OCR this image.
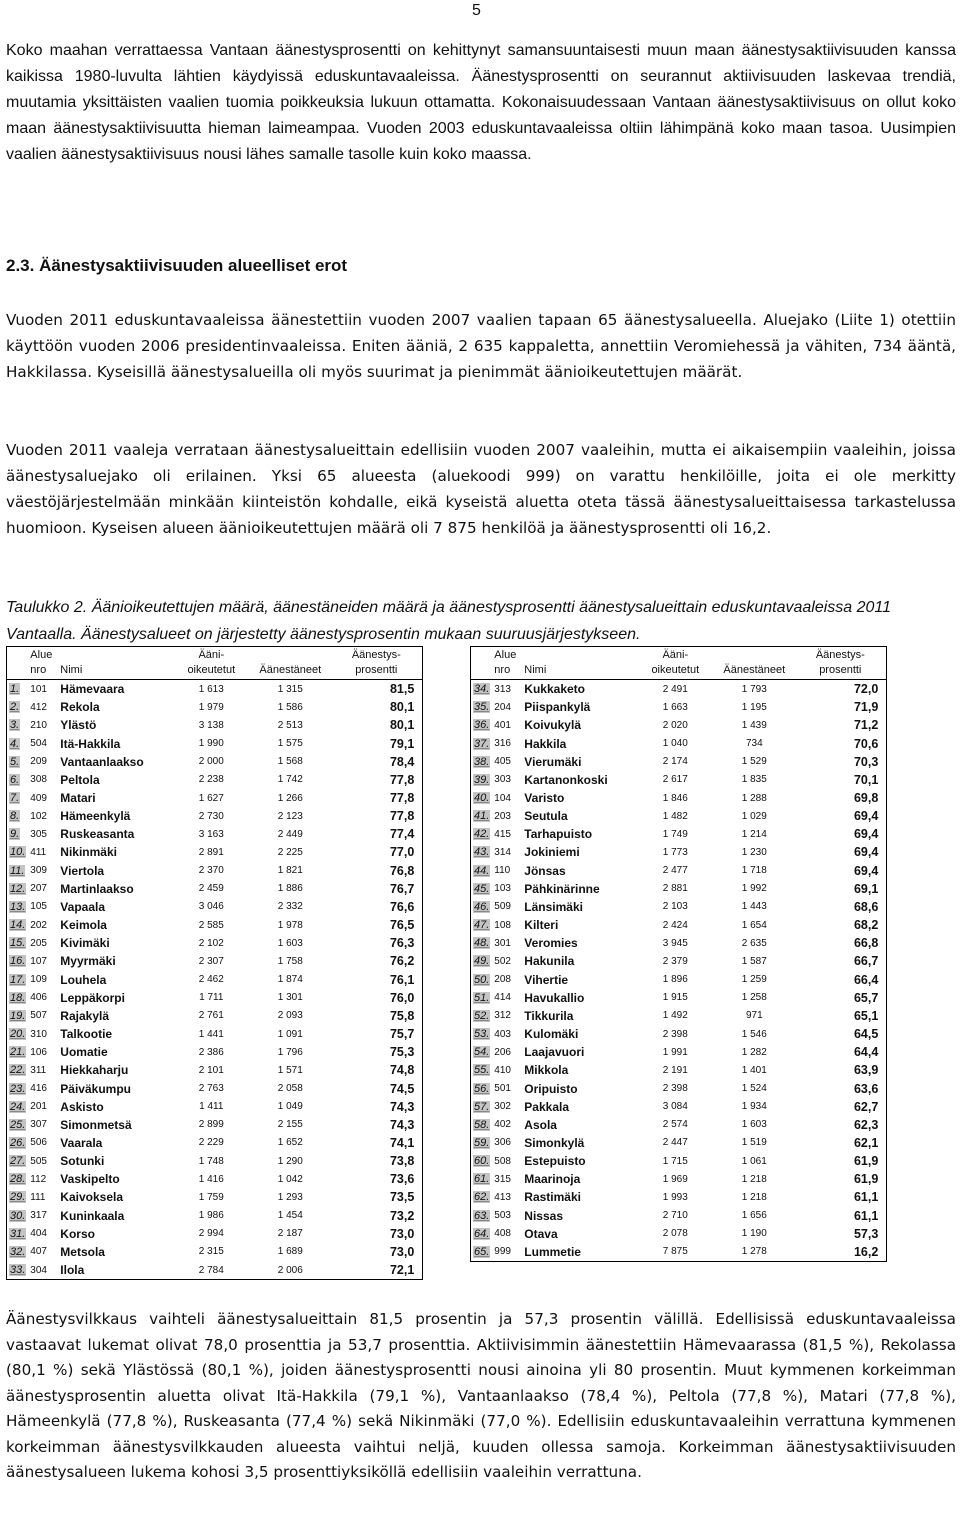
5

Koko maahan verrattaessa Vantaan äänestysprosentti on kehittynyt samansuuntaisesti muun maan äänestysaktiivisuuden kanssa kaikissa 1980-luvulta lähtien käydyissä eduskuntavaaleissa. Äänestysprosentti on seurannut aktiivisuuden laskevaa trendiä, muutamia yksittäisten vaalien tuomia poikkeuksia lukuun ottamatta. Kokonaisuudessaan Vantaan äänestysaktiivisuus on ollut koko maan äänestysaktiivisuutta hieman laimeampaa. Vuoden 2003 eduskuntavaaleissa oltiin lähimpänä koko maan tasoa. Uusimpien vaalien äänestysaktiivisuus nousi lähes samalle tasolle kuin koko maassa.

2.3. Äänestysaktiivisuuden alueelliset erot

Vuoden 2011 eduskuntavaaleissa äänestettiin vuoden 2007 vaalien tapaan 65 äänestysalueella. Aluejako (Liite 1) otettiin käyttöön vuoden 2006 presidentinvaaleissa. Eniten ääniä, 2 635 kappaletta, annettiin Veromiehessä ja vähiten, 734 ääntä, Hakkilassa. Kyseisillä äänestysalueilla oli myös suurimat ja pienimmät äänioikeutettujen määrät.

Vuoden 2011 vaaleja verrataan äänestysalueittain edellisiin vuoden 2007 vaaleihin, mutta ei aikaisempiin vaaleihin, joissa äänestysaluejako oli erilainen. Yksi 65 alueesta (aluekoodi 999) on varattu henkilöille, joita ei ole merkitty väestöjärjestelmään minkään kiinteistön kohdalle, eikä kyseistä aluetta oteta tässä äänestysalueittaisessa tarkastelussa huomioon. Kyseisen alueen äänioikeutettujen määrä oli 7 875 henkilöä ja äänestysprosentti oli 16,2.

Taulukko 2. Äänioikeutettujen määrä, äänestäneiden määrä ja äänestysprosentti äänestysalueittain eduskuntavaaleissa 2011 Vantaalla. Äänestysalueet on järjestetty äänestysprosentin mukaan suuruusjärjestykseen.

	Alue		Ääni-		Äänestys-
	nro	Nimi	oikeutetut	Äänestäneet	prosentti
1.	101	Hämevaara	1 613	1 315	81,5
2.	412	Rekola	1 979	1 586	80,1
3.	210	Ylästö	3 138	2 513	80,1
4.	504	Itä-Hakkila	1 990	1 575	79,1
5.	209	Vantaanlaakso	2 000	1 568	78,4
6.	308	Peltola	2 238	1 742	77,8
7.	409	Matari	1 627	1 266	77,8
8.	102	Hämeenkylä	2 730	2 123	77,8
9.	305	Ruskeasanta	3 163	2 449	77,4
10.	411	Nikinmäki	2 891	2 225	77,0
11.	309	Viertola	2 370	1 821	76,8
12.	207	Martinlaakso	2 459	1 886	76,7
13.	105	Vapaala	3 046	2 332	76,6
14.	202	Keimola	2 585	1 978	76,5
15.	205	Kivimäki	2 102	1 603	76,3
16.	107	Myyrmäki	2 307	1 758	76,2
17.	109	Louhela	2 462	1 874	76,1
18.	406	Leppäkorpi	1 711	1 301	76,0
19.	507	Rajakylä	2 761	2 093	75,8
20.	310	Talkootie	1 441	1 091	75,7
21.	106	Uomatie	2 386	1 796	75,3
22.	311	Hiekkaharju	2 101	1 571	74,8
23.	416	Päiväkumpu	2 763	2 058	74,5
24.	201	Askisto	1 411	1 049	74,3
25.	307	Simonmetsä	2 899	2 155	74,3
26.	506	Vaarala	2 229	1 652	74,1
27.	505	Sotunki	1 748	1 290	73,8
28.	112	Vaskipelto	1 416	1 042	73,6
29.	111	Kaivoksela	1 759	1 293	73,5
30.	317	Kuninkaala	1 986	1 454	73,2
31.	404	Korso	2 994	2 187	73,0
32.	407	Metsola	2 315	1 689	73,0
33.	304	Ilola	2 784	2 006	72,1
	Alue		Ääni-		Äänestys-
	nro	Nimi	oikeutetut	Äänestäneet	prosentti
34.	313	Kukkaketo	2 491	1 793	72,0
35.	204	Piispankylä	1 663	1 195	71,9
36.	401	Koivukylä	2 020	1 439	71,2
37.	316	Hakkila	1 040	734	70,6
38.	405	Vierumäki	2 174	1 529	70,3
39.	303	Kartanonkoski	2 617	1 835	70,1
40.	104	Varisto	1 846	1 288	69,8
41.	203	Seutula	1 482	1 029	69,4
42.	415	Tarhapuisto	1 749	1 214	69,4
43.	314	Jokiniemi	1 773	1 230	69,4
44.	110	Jönsas	2 477	1 718	69,4
45.	103	Pähkinärinne	2 881	1 992	69,1
46.	509	Länsimäki	2 103	1 443	68,6
47.	108	Kilteri	2 424	1 654	68,2
48.	301	Veromies	3 945	2 635	66,8
49.	502	Hakunila	2 379	1 587	66,7
50.	208	Vihertie	1 896	1 259	66,4
51.	414	Havukallio	1 915	1 258	65,7
52.	312	Tikkurila	1 492	971	65,1
53.	403	Kulomäki	2 398	1 546	64,5
54.	206	Laajavuori	1 991	1 282	64,4
55.	410	Mikkola	2 191	1 401	63,9
56.	501	Oripuisto	2 398	1 524	63,6
57.	302	Pakkala	3 084	1 934	62,7
58.	402	Asola	2 574	1 603	62,3
59.	306	Simonkylä	2 447	1 519	62,1
60.	508	Estepuisto	1 715	1 061	61,9
61.	315	Maarinoja	1 969	1 218	61,9
62.	413	Rastimäki	1 993	1 218	61,1
63.	503	Nissas	2 710	1 656	61,1
64.	408	Otava	2 078	1 190	57,3
65.	999	Lummetie	7 875	1 278	16,2

Äänestysvilkkaus vaihteli äänestysalueittain 81,5 prosentin ja 57,3 prosentin välillä. Edellisissä eduskuntavaaleissa vastaavat lukemat olivat 78,0 prosenttia ja 53,7 prosenttia. Aktiivisimmin äänestettiin Hämevaarassa (81,5 %), Rekolassa (80,1 %) sekä Ylästössä (80,1 %), joiden äänestysprosentti nousi ainoina yli 80 prosentin. Muut kymmenen korkeimman äänestysprosentin aluetta olivat Itä-Hakkila (79,1 %), Vantaanlaakso (78,4 %), Peltola (77,8 %), Matari (77,8 %), Hämeenkylä (77,8 %), Ruskeasanta (77,4 %) sekä Nikinmäki (77,0 %). Edellisiin eduskuntavaaleihin verrattuna kymmenen korkeimman äänestysvilkkauden alueesta vaihtui neljä, kuuden ollessa samoja. Korkeimman äänestysaktiivisuuden äänestysalueen lukema kohosi 3,5 prosenttiyksiköllä edellisiin vaaleihin verrattuna.
